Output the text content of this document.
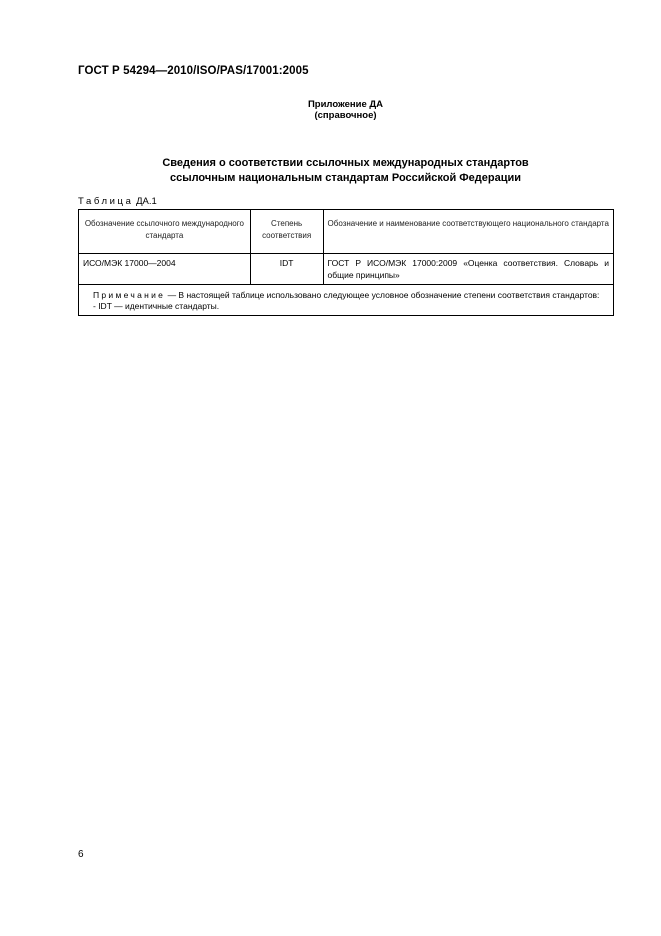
ГОСТ Р 54294—2010/ISO/PAS/17001:2005
Приложение ДА
(справочное)
Сведения о соответствии ссылочных международных стандартов
ссылочным национальным стандартам Российской Федерации
Таблица ДА.1
Обозначение ссылочного международного стандарта	Степень соответствия	Обозначение и наименование соответствующего национального стандарта
ИСО/МЭК 17000—2004	IDT	ГОСТ Р ИСО/МЭК 17000:2009 «Оценка соответствия. Словарь и общие принципы»

Примечание — В настоящей таблице использовано следующее условное обозначение степени соответствия стандартов:
- IDT — идентичные стандарты.		
6
